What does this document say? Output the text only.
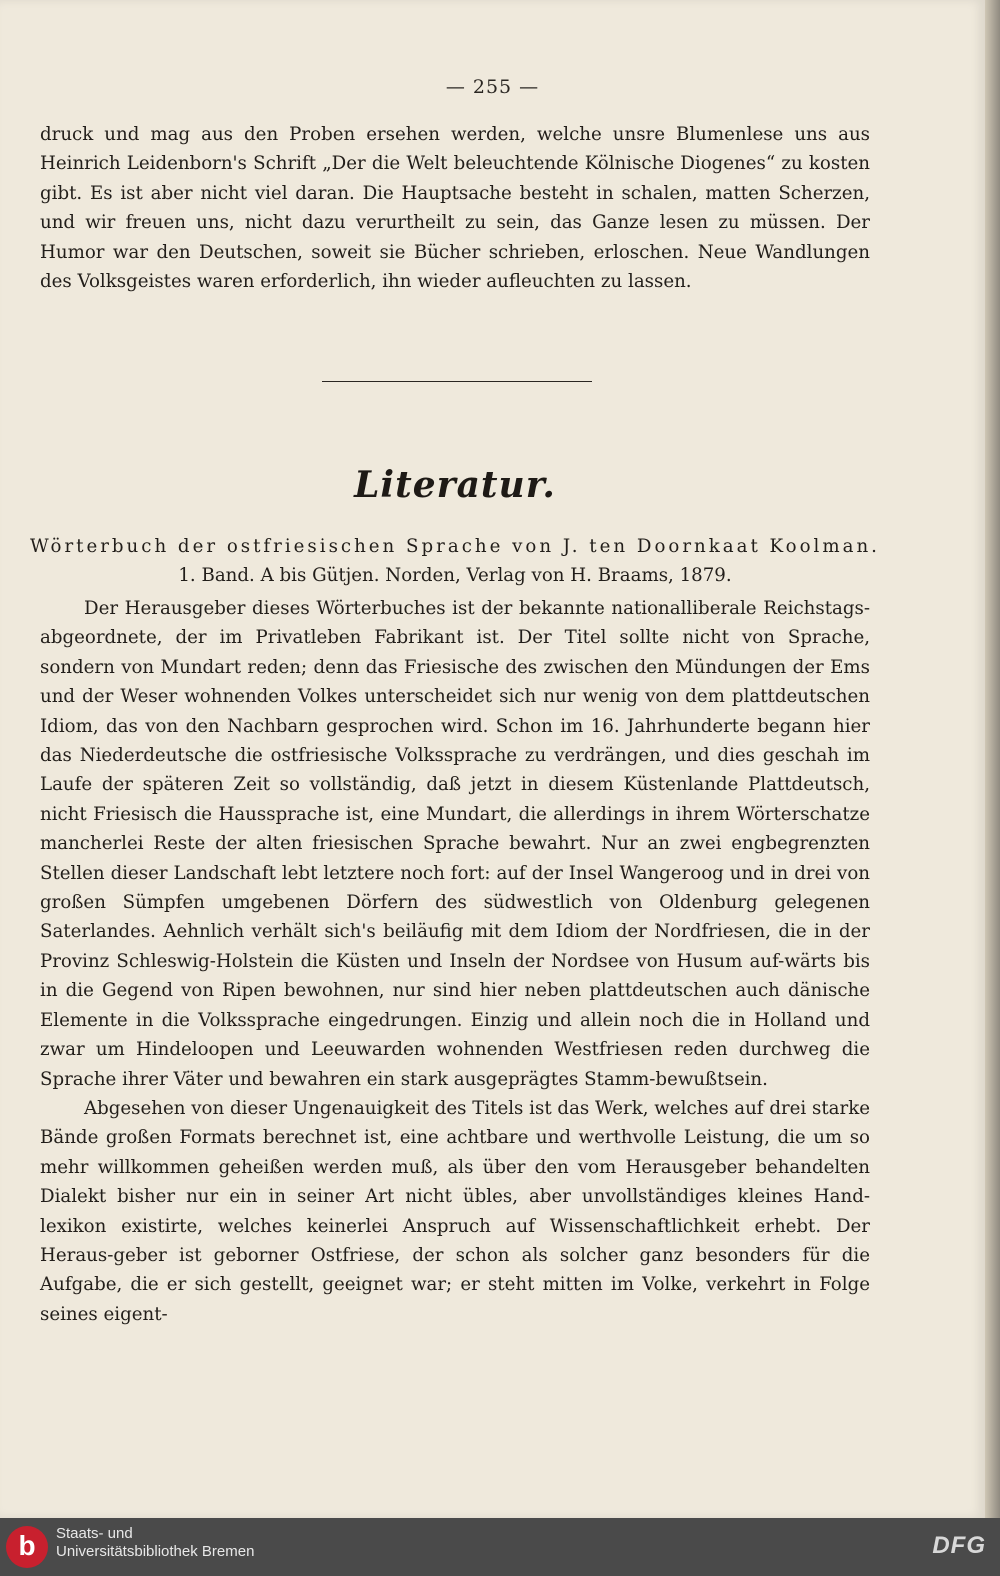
— 255 —

druck und mag aus den Proben ersehen werden, welche unsre Blumenlese uns aus Heinrich Leidenborn's Schrift „Der die Welt beleuchtende Kölnische Diogenes“ zu kosten gibt. Es ist aber nicht viel daran. Die Hauptsache besteht in schalen, matten Scherzen, und wir freuen uns, nicht dazu verurtheilt zu sein, das Ganze lesen zu müssen. Der Humor war den Deutschen, soweit sie Bücher schrieben, erloschen. Neue Wandlungen des Volksgeistes waren erforderlich, ihn wieder aufleuchten zu lassen.

Literatur.
Wörterbuch der ostfriesischen Sprache von J. ten Doornkaat Koolman.
1. Band. A bis Gütjen. Norden, Verlag von H. Braams, 1879.

Der Herausgeber dieses Wörterbuches ist der bekannte nationalliberale Reichstags-abgeordnete, der im Privatleben Fabrikant ist. Der Titel sollte nicht von Sprache, sondern von Mundart reden; denn das Friesische des zwischen den Mündungen der Ems und der Weser wohnenden Volkes unterscheidet sich nur wenig von dem plattdeutschen Idiom, das von den Nachbarn gesprochen wird. Schon im 16. Jahrhunderte begann hier das Niederdeutsche die ostfriesische Volkssprache zu verdrängen, und dies geschah im Laufe der späteren Zeit so vollständig, daß jetzt in diesem Küstenlande Plattdeutsch, nicht Friesisch die Haussprache ist, eine Mundart, die allerdings in ihrem Wörterschatze mancherlei Reste der alten friesischen Sprache bewahrt. Nur an zwei engbegrenzten Stellen dieser Landschaft lebt letztere noch fort: auf der Insel Wangeroog und in drei von großen Sümpfen umgebenen Dörfern des südwestlich von Oldenburg gelegenen Saterlandes. Aehnlich verhält sich's beiläufig mit dem Idiom der Nordfriesen, die in der Provinz Schleswig-Holstein die Küsten und Inseln der Nordsee von Husum auf-wärts bis in die Gegend von Ripen bewohnen, nur sind hier neben plattdeutschen auch dänische Elemente in die Volkssprache eingedrungen. Einzig und allein noch die in Holland und zwar um Hindeloopen und Leeuwarden wohnenden Westfriesen reden durchweg die Sprache ihrer Väter und bewahren ein stark ausgeprägtes Stamm-bewußtsein.

Abgesehen von dieser Ungenauigkeit des Titels ist das Werk, welches auf drei starke Bände großen Formats berechnet ist, eine achtbare und werthvolle Leistung, die um so mehr willkommen geheißen werden muß, als über den vom Herausgeber behandelten Dialekt bisher nur ein in seiner Art nicht übles, aber unvollständiges kleines Hand-lexikon existirte, welches keinerlei Anspruch auf Wissenschaftlichkeit erhebt. Der Heraus-geber ist geborner Ostfriese, der schon als solcher ganz besonders für die Aufgabe, die er sich gestellt, geeignet war; er steht mitten im Volke, verkehrt in Folge seines eigent-

b	Staats- und
Universitätsbibliothek Bremen	DFG
